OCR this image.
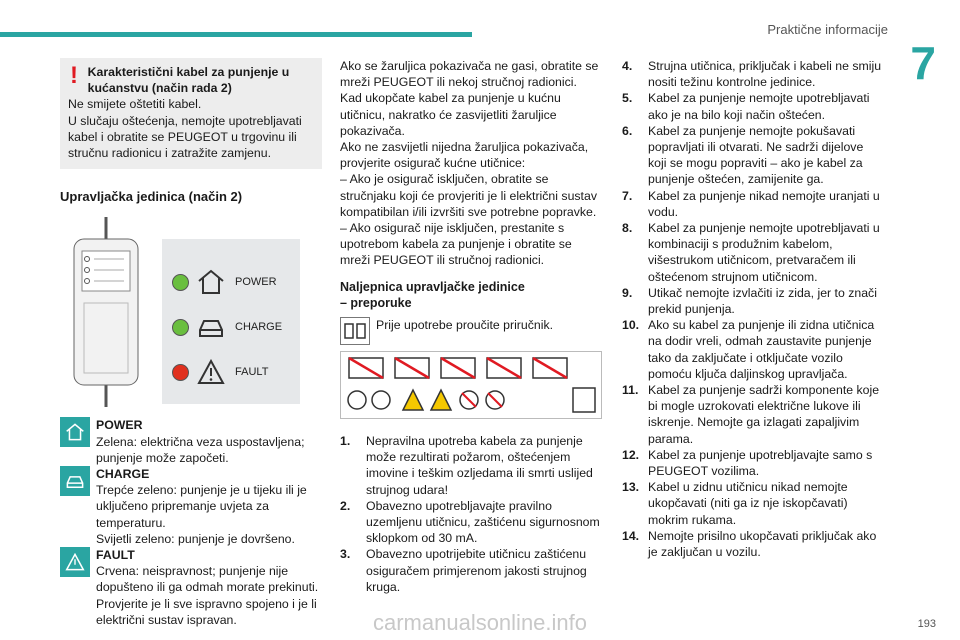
Praktične informacije
7
! Karakteristični kabel za punjenje u kućanstvu (način rada 2)
Ne smijete oštetiti kabel.
U slučaju oštećenja, nemojte upotrebljavati kabel i obratite se PEUGEOT u trgovinu ili stručnu radionicu i zatražite zamjenu.
Upravljačka jedinica (način 2)
POWER
CHARGE
FAULT
POWER
Zelena: električna veza uspostavljena; punjenje može započeti.
CHARGE
Trepće zeleno: punjenje je u tijeku ili je uključeno pripremanje uvjeta za temperaturu.
Svijetli zeleno: punjenje je dovršeno.
FAULT
Crvena: neispravnost; punjenje nije dopušteno ili ga odmah morate prekinuti.
Provjerite je li sve ispravno spojeno i je li električni sustav ispravan.
Ako se žaruljica pokazivača ne gasi, obratite se mreži PEUGEOT ili nekoj stručnoj radionici.
Kad ukopčate kabel za punjenje u kućnu utičnicu, nakratko će zasvijetliti žaruljice pokazivača.
Ako ne zasvijetli nijedna žaruljica pokazivača, provjerite osigurač kućne utičnice:
– Ako je osigurač isključen, obratite se stručnjaku koji će provjeriti je li električni sustav kompatibilan i/ili izvršiti sve potrebne popravke.
– Ako osigurač nije isključen, prestanite s upotrebom kabela za punjenje i obratite se mreži PEUGEOT ili stručnoj radionici.
Naljepnica upravljačke jedinice
– preporuke
Prije upotrebe proučite priručnik.
1.	Nepravilna upotreba kabela za punjenje može rezultirati požarom, oštećenjem imovine i teškim ozljedama ili smrti uslijed strujnog udara!
2.	Obavezno upotrebljavajte pravilno uzemljenu utičnicu, zaštićenu sigurnosnom sklopkom od 30 mA.
3.	Obavezno upotrijebite utičnicu zaštićenu osiguračem primjerenom jakosti strujnog kruga.
4.	Strujna utičnica, priključak i kabeli ne smiju nositi težinu kontrolne jedinice.
5.	Kabel za punjenje nemojte upotrebljavati ako je na bilo koji način oštećen.
6.	Kabel za punjenje nemojte pokušavati popravljati ili otvarati. Ne sadrži dijelove koji se mogu popraviti – ako je kabel za punjenje oštećen, zamijenite ga.
7.	Kabel za punjenje nikad nemojte uranjati u vodu.
8.	Kabel za punjenje nemojte upotrebljavati u kombinaciji s produžnim kabelom, višestrukom utičnicom, pretvaračem ili oštećenom strujnom utičnicom.
9.	Utikač nemojte izvlačiti iz zida, jer to znači prekid punjenja.
10. Ako su kabel za punjenje ili zidna utičnica na dodir vreli, odmah zaustavite punjenje tako da zaključate i otključate vozilo pomoću ključa daljinskog upravljača.
11. Kabel za punjenje sadrži komponente koje bi mogle uzrokovati električne lukove ili iskrenje. Nemojte ga izlagati zapaljivim parama.
12. Kabel za punjenje upotrebljavajte samo s PEUGEOT vozilima.
13. Kabel u zidnu utičnicu nikad nemojte ukopčavati (niti ga iz nje iskopčavati) mokrim rukama.
14. Nemojte prisilno ukopčavati priključak ako je zaključan u vozilu.
193
carmanualsonline.info
